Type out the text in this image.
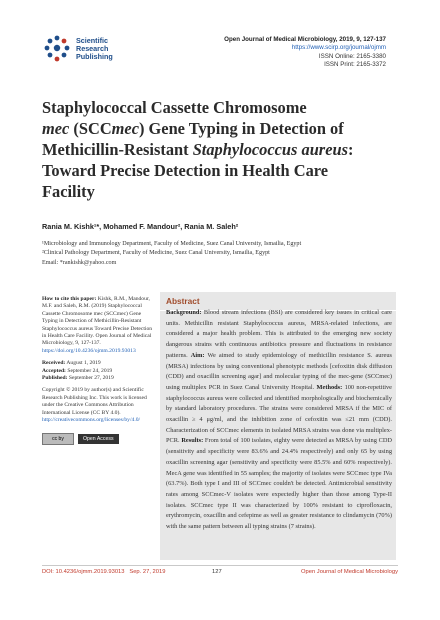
Scientific
Research
Publishing
Open Journal of Medical Microbiology, 2019, 9, 127-137
https://www.scirp.org/journal/ojmm
ISSN Online: 2165-3380
ISSN Print: 2165-3372
Staphylococcal Cassette Chromosome
mec (SCCmec) Gene Typing in Detection of
Methicillin-Resistant Staphylococcus aureus:
Toward Precise Detection in Health Care
Facility
Rania M. Kishk¹*, Mohamed F. Mandour², Rania M. Saleh²
¹Microbiology and Immunology Department, Faculty of Medicine, Suez Canal University, Ismailia, Egypt
²Clinical Pathology Department, Faculty of Medicine, Suez Canal University, Ismailia, Egypt
Email: *rankishk@yahoo.com

How to cite this paper: Kishk, R.M., Mandour, M.F. and Saleh, R.M. (2019) Staphylococcal Cassette Chromosome mec (SCCmec) Gene Typing in Detection of Methicillin-Resistant Staphylococcus aureus Toward Precise Detection in Health Care Facility. Open Journal of Medical Microbiology, 9, 127-137.
https://doi.org/10.4236/ojmm.2019.93013

Received: August 1, 2019
Accepted: September 24, 2019
Published: September 27, 2019

Copyright © 2019 by author(s) and Scientific Research Publishing Inc. This work is licensed under the Creative Commons Attribution International License (CC BY 4.0).
http://creativecommons.org/licenses/by/4.0/

cc by	Open Access
Abstract
Background: Blood stream infections (BSI) are considered key issues in critical care units. Methicillin resistant Staphylococcus aureus, MRSA-related infections, are considered a major health problem. This is attributed to the emerging new society dangerous strains with continuous antibiotics pressure and fluctuations in resistance patterns. Aim: We aimed to study epidemiology of methicillin resistance S. aureus (MRSA) infections by using conventional phenotypic methods [cefoxitin disk diffusion (CDD) and oxacillin screening agar] and molecular typing of the mec-gene (SCCmec) using multiplex PCR in Suez Canal University Hospital. Methods: 100 non-repetitive staphylococcus aureus were collected and identified morphologically and biochemically by standard laboratory procedures. The strains were considered MRSA if the MIC of oxacillin ≥ 4 μg/ml, and the inhibition zone of cefoxitin was ≤21 mm (CDD). Characterization of SCCmec elements in isolated MRSA strains was done via multiplex-PCR. Results: From total of 100 isolates, eighty were detected as MRSA by using CDD (sensitivity and specificity were 83.6% and 24.4% respectively) and only 65 by using oxacillin screening agar (sensitivity and specificity were 85.5% and 60% respectively). MecA gene was identified in 55 samples; the majority of isolates were SCCmec type IVa (63.7%). Both type I and III of SCCmec couldn't be detected. Antimicrobial sensitivity rates among SCCmec-V isolates were expectedly higher than those among Type-II isolates. SCCmec type II was characterized by 100% resistant to ciprofloxacin, erythromycin, oxacillin and cefepime as well as greater resistance to clindamycin (70%) with the same pattern between all typing strains (7 strains).
DOI: 10.4236/ojmm.2019.93013 Sep. 27, 2019	127	Open Journal of Medical Microbiology
